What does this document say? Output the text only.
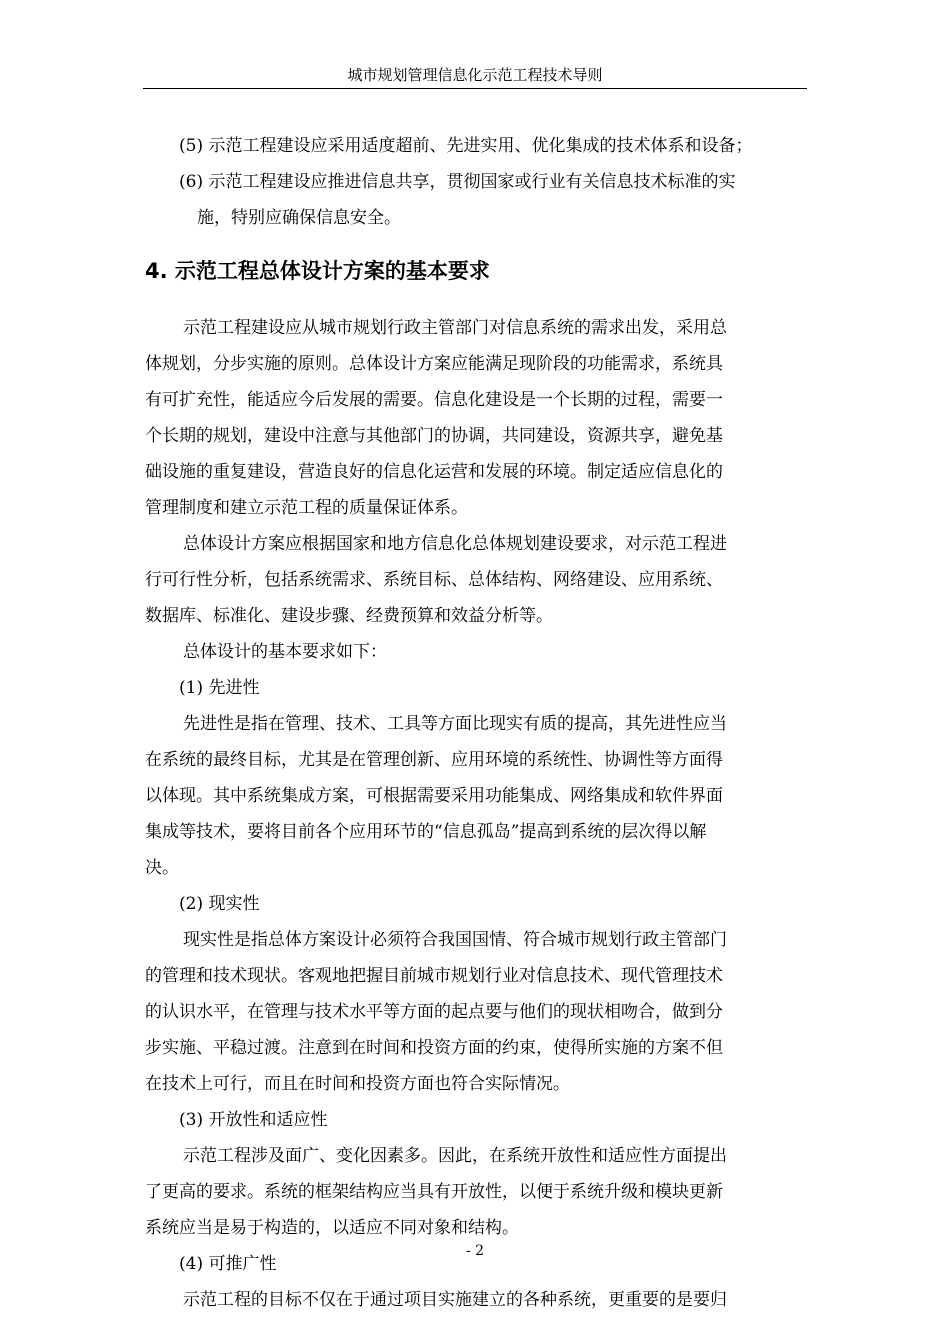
城市规划管理信息化示范工程技术导则

(5) 示范工程建设应采用适度超前、先进实用、优化集成的技术体系和设备；

(6) 示范工程建设应推进信息共享，贯彻国家或行业有关信息技术标准的实

施，特别应确保信息安全。

4. 示范工程总体设计方案的基本要求

示范工程建设应从城市规划行政主管部门对信息系统的需求出发，采用总

体规划，分步实施的原则。总体设计方案应能满足现阶段的功能需求，系统具

有可扩充性，能适应今后发展的需要。信息化建设是一个长期的过程，需要一

个长期的规划，建设中注意与其他部门的协调，共同建设，资源共享，避免基

础设施的重复建设，营造良好的信息化运营和发展的环境。制定适应信息化的

管理制度和建立示范工程的质量保证体系。

总体设计方案应根据国家和地方信息化总体规划建设要求，对示范工程进

行可行性分析，包括系统需求、系统目标、总体结构、网络建设、应用系统、

数据库、标准化、建设步骤、经费预算和效益分析等。

总体设计的基本要求如下：

(1) 先进性

先进性是指在管理、技术、工具等方面比现实有质的提高，其先进性应当

在系统的最终目标，尤其是在管理创新、应用环境的系统性、协调性等方面得

以体现。其中系统集成方案，可根据需要采用功能集成、网络集成和软件界面

集成等技术，要将目前各个应用环节的“信息孤岛”提高到系统的层次得以解

决。

(2) 现实性

现实性是指总体方案设计必须符合我国国情、符合城市规划行政主管部门

的管理和技术现状。客观地把握目前城市规划行业对信息技术、现代管理技术

的认识水平，在管理与技术水平等方面的起点要与他们的现状相吻合，做到分

步实施、平稳过渡。注意到在时间和投资方面的约束，使得所实施的方案不但

在技术上可行，而且在时间和投资方面也符合实际情况。

(3) 开放性和适应性

示范工程涉及面广、变化因素多。因此，在系统开放性和适应性方面提出

了更高的要求。系统的框架结构应当具有开放性，以便于系统升级和模块更新

系统应当是易于构造的，以适应不同对象和结构。

(4) 可推广性

示范工程的目标不仅在于通过项目实施建立的各种系统，更重要的是要归

- 2
